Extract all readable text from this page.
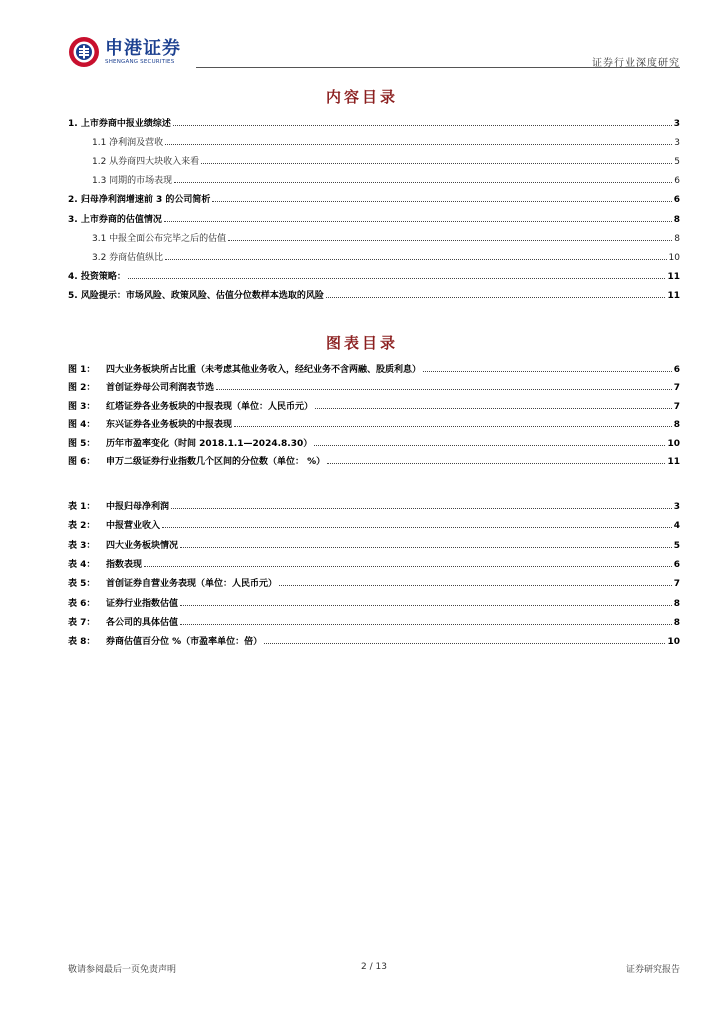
申港证券
SHENGANG SECURITIES	证券行业深度研究
内容目录
1. 上市券商中报业绩综述	3
1.1 净利润及营收	3
1.2 从券商四大块收入来看	5
1.3 同期的市场表现	6
2. 归母净利润增速前 3 的公司简析	6
3. 上市券商的估值情况	8
3.1 中报全面公布完毕之后的估值	8
3.2 券商估值纵比	10
4. 投资策略：	11
5. 风险提示：市场风险、政策风险、估值分位数样本选取的风险	11
图表目录
图 1： 四大业务板块所占比重（未考虑其他业务收入，经纪业务不含两融、股质利息）	6
图 2： 首创证券母公司利润表节选	7
图 3： 红塔证券各业务板块的中报表现（单位：人民币元）	7
图 4： 东兴证券各业务板块的中报表现	8
图 5： 历年市盈率变化（时间 2018.1.1—2024.8.30）	10
图 6： 申万二级证券行业指数几个区间的分位数（单位： %）	11
表 1： 中报归母净利润	3
表 2： 中报营业收入	4
表 3： 四大业务板块情况	5
表 4： 指数表现	6
表 5： 首创证券自营业务表现（单位：人民币元）	7
表 6： 证券行业指数估值	8
表 7： 各公司的具体估值	8
表 8： 券商估值百分位 %（市盈率单位：倍）	10
2 / 13
敬请参阅最后一页免责声明	证券研究报告
